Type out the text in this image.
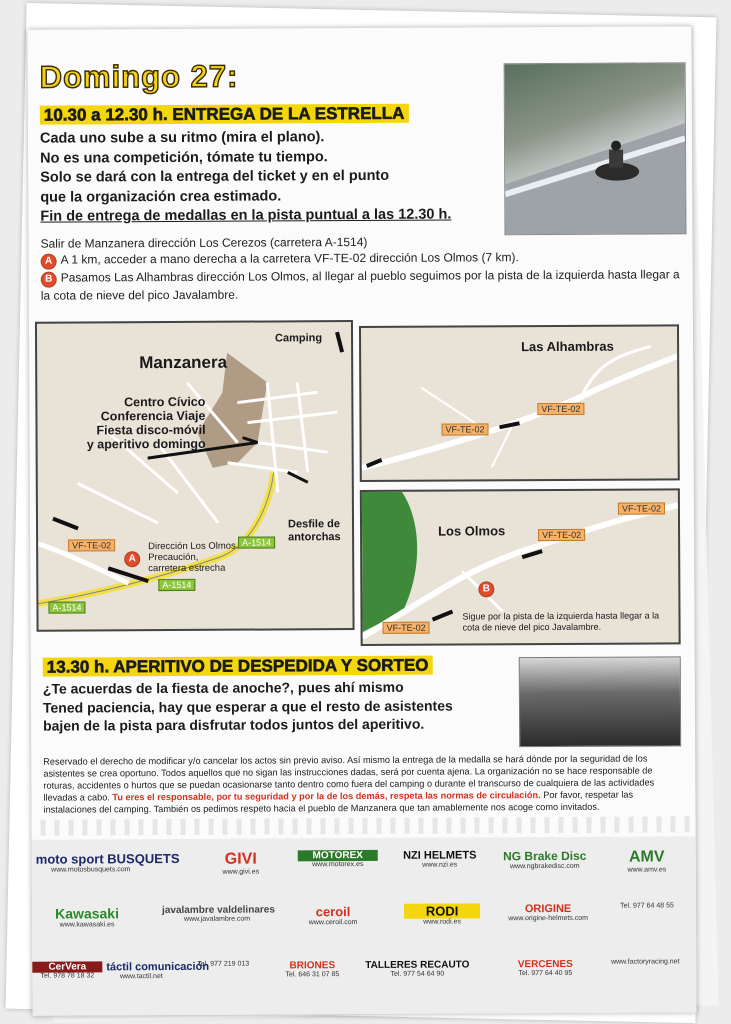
Domingo 27:
10.30 a 12.30 h. ENTREGA DE LA ESTRELLA
Cada uno sube a su ritmo (mira el plano).
No es una competición, tómate tu tiempo.
Solo se dará con la entrega del ticket y en el punto
que la organización crea estimado.
Fin de entrega de medallas en la pista puntual a las 12.30 h.
Salir de Manzanera dirección Los Cerezos (carretera A-1514)
A A 1 km, acceder a mano derecha a la carretera VF-TE-02 dirección Los Olmos (7 km).
B Pasamos Las Alhambras dirección Los Olmos, al llegar al pueblo seguimos por la pista de la izquierda hasta llegar a la cota de nieve del pico Javalambre.
Manzanera
Camping
Centro Cívico
Conferencia Viaje
Fiesta disco-móvil
y aperitivo domingo
Desfile de
antorchas
Dirección Los Olmos.
Precaución,
carretera estrecha
A
VF-TE-02	A-1514
A-1514
A-1514
Las Alhambras
VF-TE-02
VF-TE-02
Los Olmos
B
VF-TE-02
VF-TE-02
VF-TE-02
Sigue por la pista de la izquierda hasta llegar a la cota de nieve del pico Javalambre.
13.30 h. APERITIVO DE DESPEDIDA Y SORTEO
¿Te acuerdas de la fiesta de anoche?, pues ahí mismo
Tened paciencia, hay que esperar a que el resto de asistentes
bajen de la pista para disfrutar todos juntos del aperitivo.
Reservado el derecho de modificar y/o cancelar los actos sin previo aviso. Así mismo la entrega de la medalla se hará dónde por la seguridad de los asistentes se crea oportuno. Todos aquellos que no sigan las instrucciones dadas, será por cuenta ajena. La organización no se hace responsable de roturas, accidentes o hurtos que se puedan ocasionarse tanto dentro como fuera del camping o durante el transcurso de cualquiera de las actividades llevadas a cabo. Tu eres el responsable, por tu seguridad y por la de los demás, respeta las normas de circulación. Por favor, respetar las instalaciones del camping. También os pedimos respeto hacia el pueblo de Manzanera que tan amablemente nos acoge como invitados.
moto sport BUSQUETS
www.motosbusquets.com
GIVI
www.givi.es
MOTOREX
www.motorex.es
NZI HELMETS
www.nzi.es
NG Brake Disc
www.ngbrakedisc.com
AMV
www.amv.es
Kawasaki
www.kawasaki.es
javalambre valdelinares
www.javalambre.com
ceroil
www.ceroil.com
RODI
www.rodi.es
ORIGINE
www.origine-helmets.com
Tel. 977 64 48 55
CerVera
Tel. 978 78 18 32
táctil comunicación
www.tactil.net
Tel. 977 219 013	BRIONES
Tel. 646 31 07 85
TALLERES RECAUTO
Tel. 977 54 64 90
VERCENES
Tel. 977 64 40 95
www.factoryracing.net
